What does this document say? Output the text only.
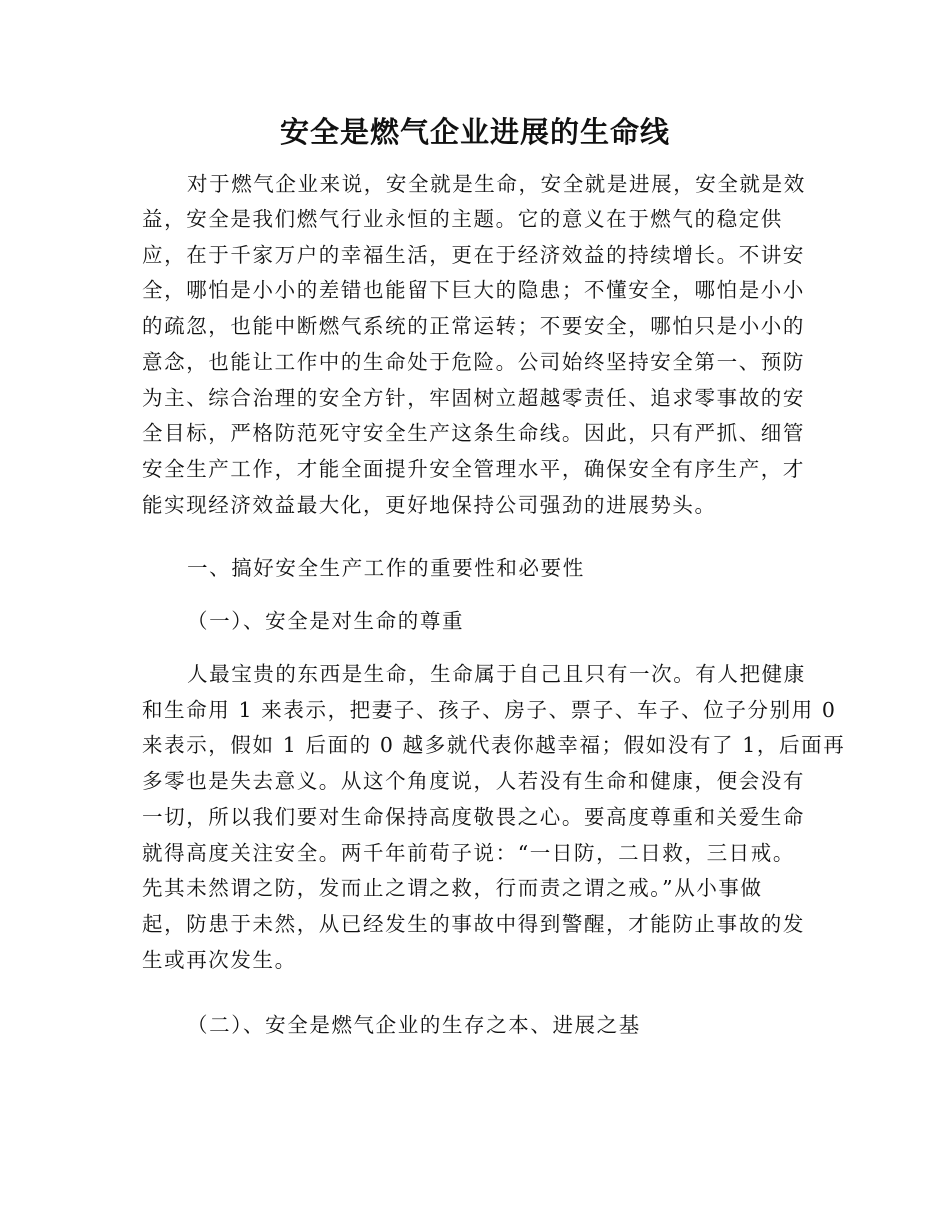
安全是燃气企业进展的生命线
对于燃气企业来说，安全就是生命，安全就是进展，安全就是效
益，安全是我们燃气行业永恒的主题。它的意义在于燃气的稳定供
应，在于千家万户的幸福生活，更在于经济效益的持续增长。不讲安
全，哪怕是小小的差错也能留下巨大的隐患；不懂安全，哪怕是小小
的疏忽，也能中断燃气系统的正常运转；不要安全，哪怕只是小小的
意念，也能让工作中的生命处于危险。公司始终坚持安全第一、预防
为主、综合治理的安全方针，牢固树立超越零责任、追求零事故的安
全目标，严格防范死守安全生产这条生命线。因此，只有严抓、细管
安全生产工作，才能全面提升安全管理水平，确保安全有序生产，才
能实现经济效益最大化，更好地保持公司强劲的进展势头。
一、搞好安全生产工作的重要性和必要性
（一）、安全是对生命的尊重
人最宝贵的东西是生命，生命属于自己且只有一次。有人把健康
和生命用 1 来表示，把妻子、孩子、房子、票子、车子、位子分别用 0
来表示，假如 1 后面的 0 越多就代表你越幸福；假如没有了 1，后面再
多零也是失去意义。从这个角度说，人若没有生命和健康，便会没有
一切，所以我们要对生命保持高度敬畏之心。要高度尊重和关爱生命
就得高度关注安全。两千年前荀子说：“一日防，二日救，三日戒。
先其未然谓之防，发而止之谓之救，行而责之谓之戒。”从小事做
起，防患于未然，从已经发生的事故中得到警醒，才能防止事故的发
生或再次发生。
（二）、安全是燃气企业的生存之本、进展之基
